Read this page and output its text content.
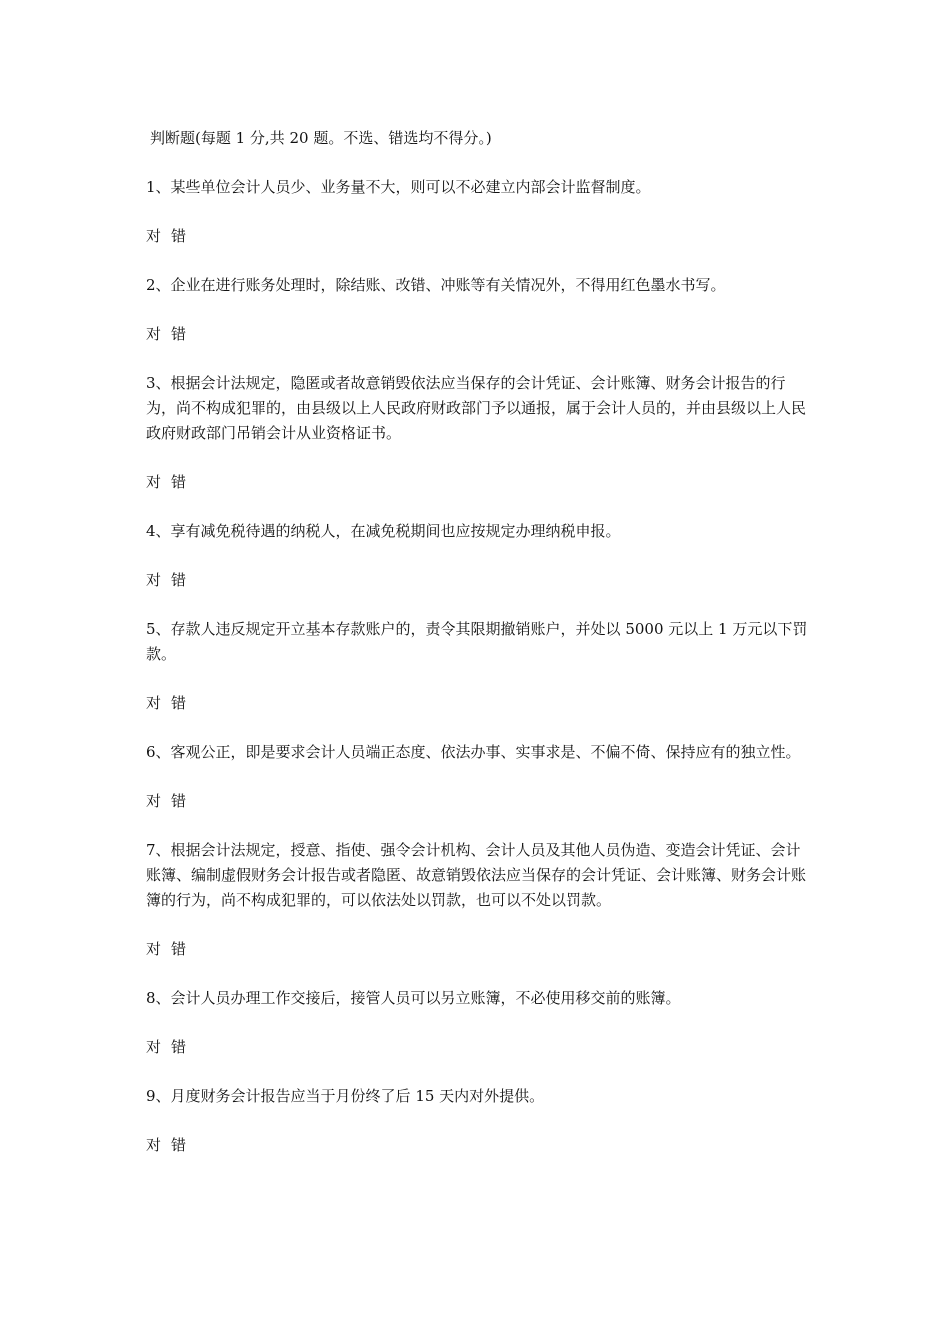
判断题(每题 1 分,共 20 题。不选、错选均不得分。)
1、某些单位会计人员少、业务量不大，则可以不必建立内部会计监督制度。
对 错
2、企业在进行账务处理时，除结账、改错、冲账等有关情况外，不得用红色墨水书写。
对 错
3、根据会计法规定，隐匿或者故意销毁依法应当保存的会计凭证、会计账簿、财务会计报告的行为，尚不构成犯罪的，由县级以上人民政府财政部门予以通报，属于会计人员的，并由县级以上人民政府财政部门吊销会计从业资格证书。
对 错
4、享有减免税待遇的纳税人，在减免税期间也应按规定办理纳税申报。
对 错
5、存款人违反规定开立基本存款账户的，责令其限期撤销账户，并处以 5000 元以上 1 万元以下罚款。
对 错
6、客观公正，即是要求会计人员端正态度、依法办事、实事求是、不偏不倚、保持应有的独立性。
对 错
7、根据会计法规定，授意、指使、强令会计机构、会计人员及其他人员伪造、变造会计凭证、会计账簿、编制虚假财务会计报告或者隐匿、故意销毁依法应当保存的会计凭证、会计账簿、财务会计账簿的行为，尚不构成犯罪的，可以依法处以罚款，也可以不处以罚款。
对 错
8、会计人员办理工作交接后，接管人员可以另立账簿，不必使用移交前的账簿。
对 错
9、月度财务会计报告应当于月份终了后 15 天内对外提供。
对 错
